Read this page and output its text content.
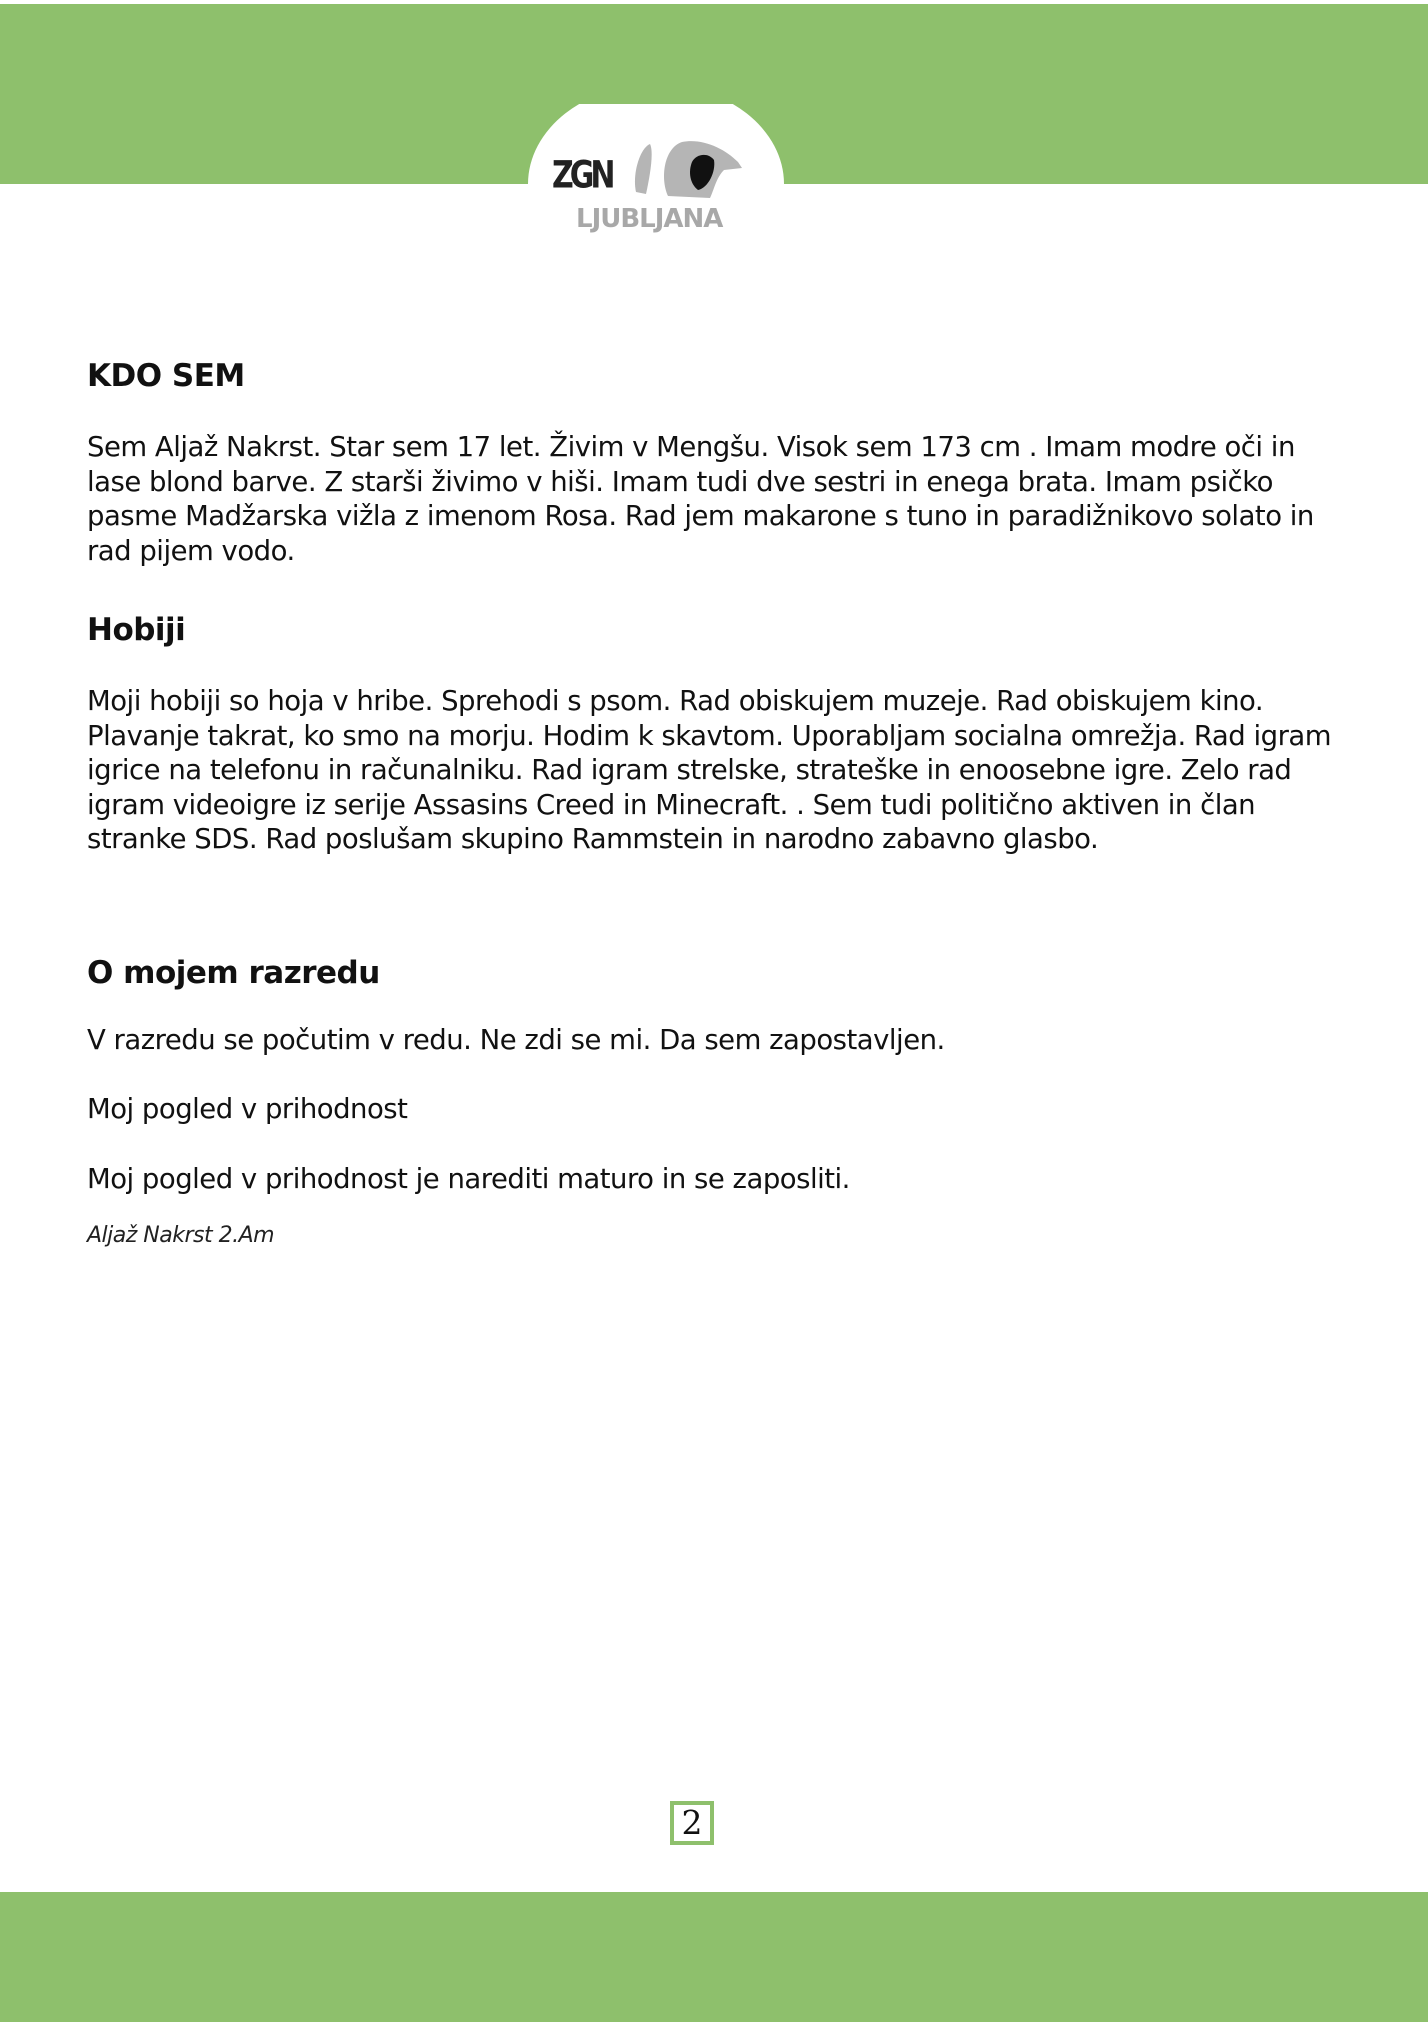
ZGN
LJUBLJANA
KDO SEM

Sem Aljaž Nakrst. Star sem 17 let. Živim v Mengšu. Visok sem 173 cm . Imam modre oči in lase blond barve. Z starši živimo v hiši. Imam tudi dve sestri in enega brata. Imam psičko pasme Madžarska vižla z imenom Rosa. Rad jem makarone s tuno in paradižnikovo solato in rad pijem vodo.

Hobiji

Moji hobiji so hoja v hribe. Sprehodi s psom. Rad obiskujem muzeje. Rad obiskujem kino. Plavanje takrat, ko smo na morju. Hodim k skavtom. Uporabljam socialna omrežja. Rad igram igrice na telefonu in računalniku. Rad igram strelske, strateške in enoosebne igre. Zelo rad igram videoigre iz serije Assasins Creed in Minecraft. . Sem tudi politično aktiven in član stranke SDS. Rad poslušam skupino Rammstein in narodno zabavno glasbo.

O mojem razredu

V razredu se počutim v redu. Ne zdi se mi. Da sem zapostavljen.

Moj pogled v prihodnost

Moj pogled v prihodnost je narediti maturo in se zaposliti.

Aljaž Nakrst 2.Am

2
